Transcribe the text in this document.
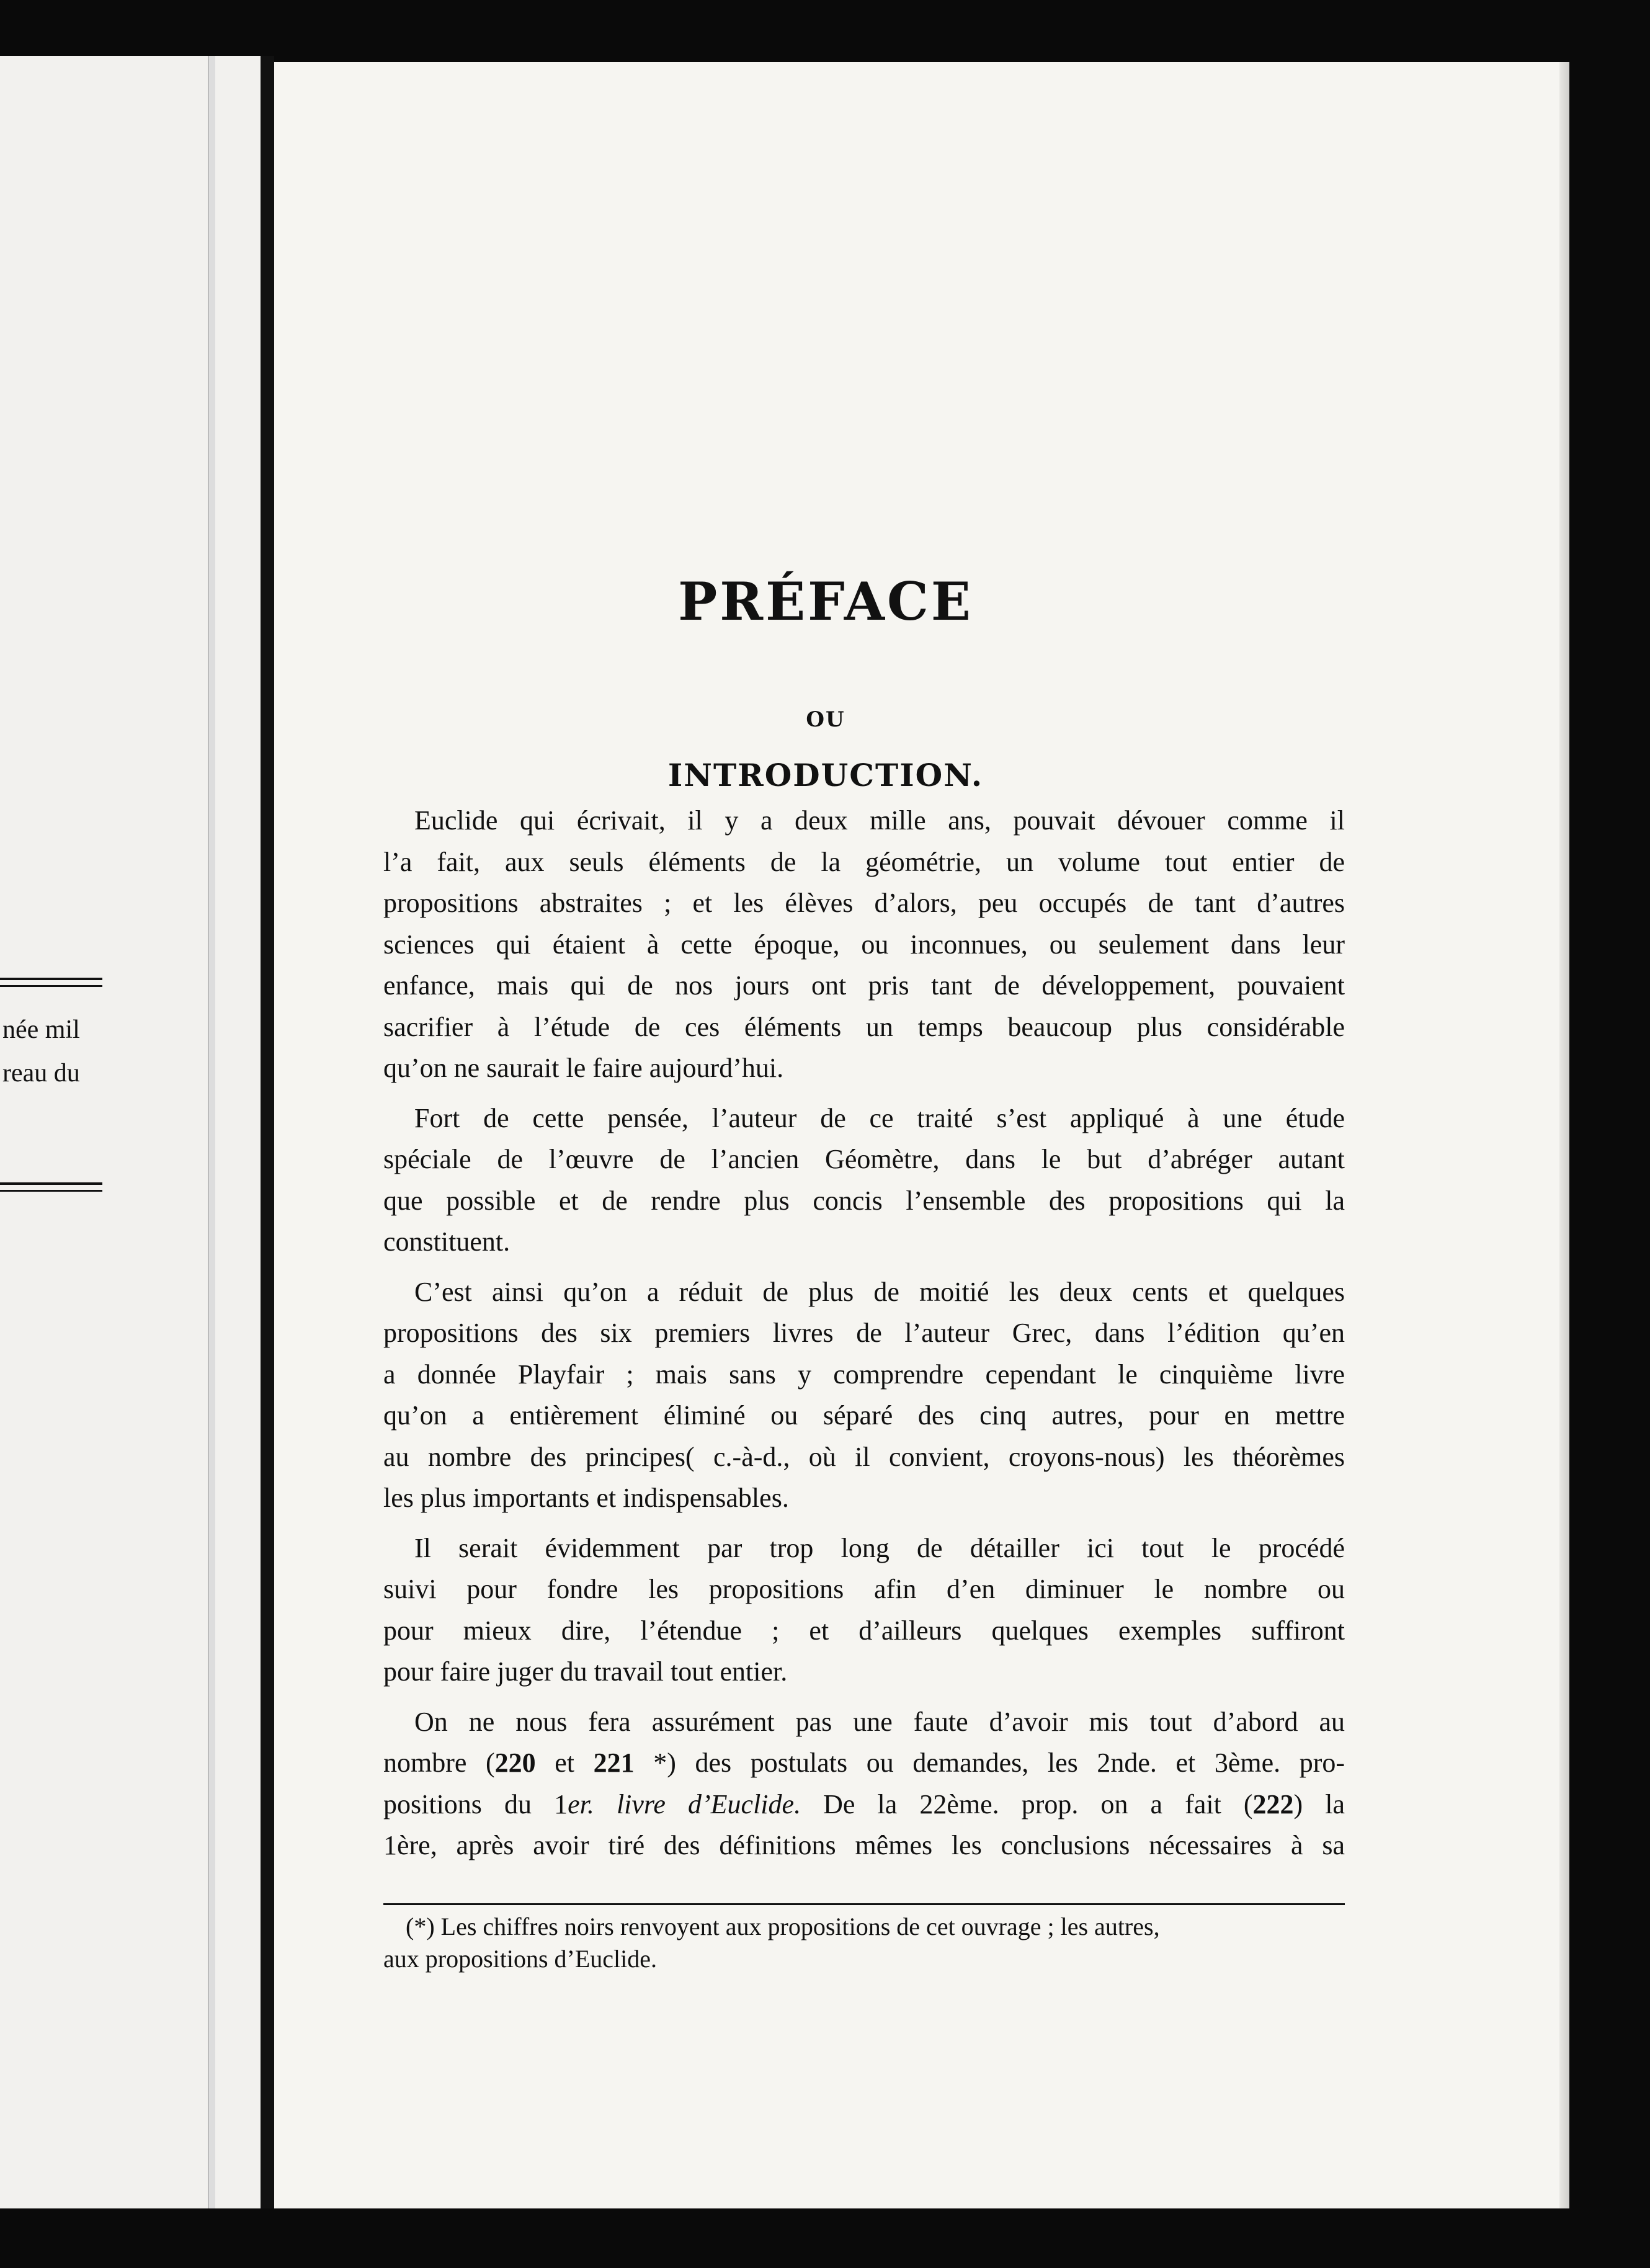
née mil
reau du
PRÉFACE
OU
INTRODUCTION.

Euclide qui écrivait, il y a deux mille ans, pouvait dévouer comme il
l’a fait, aux seuls éléments de la géométrie, un volume tout entier de
propositions abstraites ; et les élèves d’alors, peu occupés de tant d’autres
sciences qui étaient à cette époque, ou inconnues, ou seulement dans leur
enfance, mais qui de nos jours ont pris tant de développement, pouvaient
sacrifier à l’étude de ces éléments un temps beaucoup plus considérable
qu’on ne saurait le faire aujourd’hui.

Fort de cette pensée, l’auteur de ce traité s’est appliqué à une étude
spéciale de l’œuvre de l’ancien Géomètre, dans le but d’abréger autant
que possible et de rendre plus concis l’ensemble des propositions qui la
constituent.

C’est ainsi qu’on a réduit de plus de moitié les deux cents et quelques
propositions des six premiers livres de l’auteur Grec, dans l’édition qu’en
a donnée Playfair ; mais sans y comprendre cependant le cinquième livre
qu’on a entièrement éliminé ou séparé des cinq autres, pour en mettre
au nombre des principes( c.-à-d., où il convient, croyons-nous) les théorèmes
les plus importants et indispensables.

Il serait évidemment par trop long de détailler ici tout le procédé
suivi pour fondre les propositions afin d’en diminuer le nombre ou
pour mieux dire, l’étendue ; et d’ailleurs quelques exemples suffiront
pour faire juger du travail tout entier.

On ne nous fera assurément pas une faute d’avoir mis tout d’abord au
nombre (220 et 221 *) des postulats ou demandes, les 2nde. et 3ème. pro-
positions du 1er. livre d’Euclide. De la 22ème. prop. on a fait (222) la
1ère, après avoir tiré des définitions mêmes les conclusions nécessaires à sa

(*) Les chiffres noirs renvoyent aux propositions de cet ouvrage ; les autres,
aux propositions d’Euclide.
